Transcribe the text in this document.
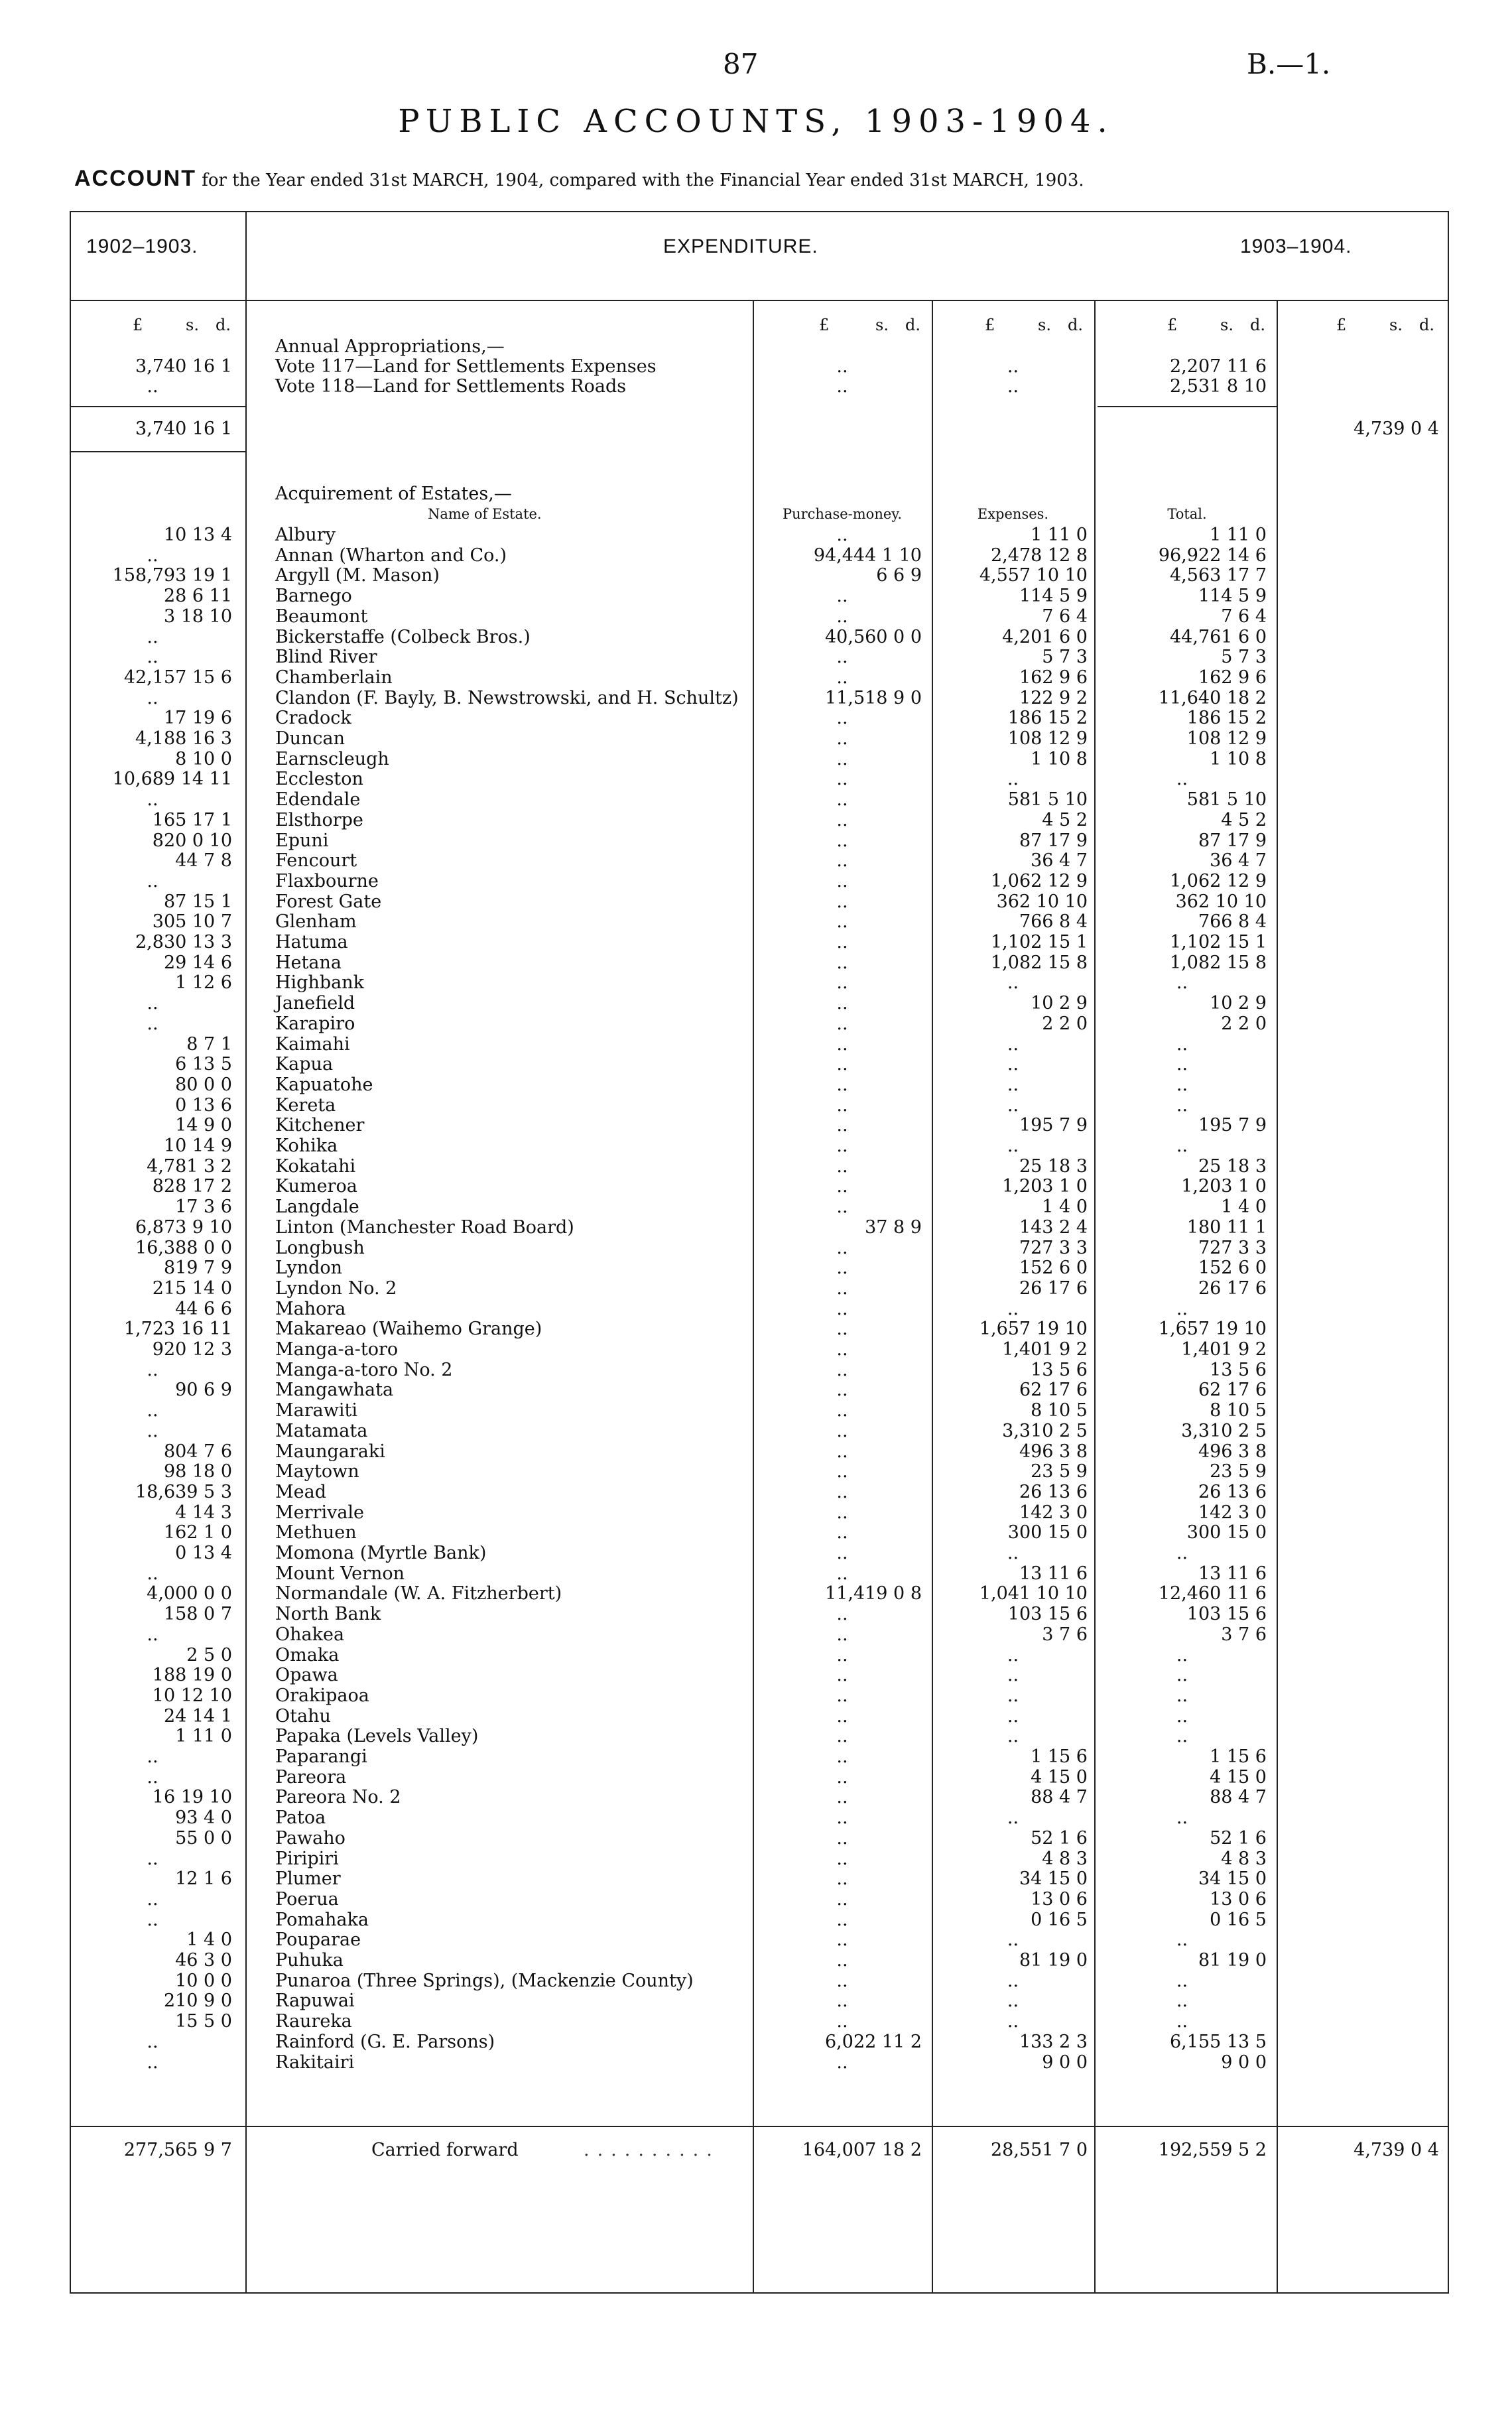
87	B.—1.
PUBLIC ACCOUNTS, 1903-1904.
ACCOUNT for the Year ended 31st MARCH, 1904, compared with the Financial Year ended 31st MARCH, 1903.
1902–1903.	EXPENDITURE.	1903–1904.
£	s. d.	£	s. d.	£	s. d.	£	s. d.	£	s. d.
Annual Appropriations,—
3,740 16 1 Vote 117—Land for Settlements Expenses	..	..	2,207 11 6
..	Vote 118—Land for Settlements Roads	..	..	2,531 8 10
3,740 16 1	4,739 0 4
Acquirement of Estates,—
Name of Estate.	Purchase-money.	Expenses.	Total.
10 13 4 Albury	..	1 11 0	1 11 0
..	Annan (Wharton and Co.)	94,444 1 10	2,478 12 8	96,922 14 6
158,793 19 1 Argyll (M. Mason)	6 6 9	4,557 10 10	4,563 17 7
28 6 11 Barnego	..	114 5 9	114 5 9
3 18 10 Beaumont	..	7 6 4	7 6 4
..	Bickerstaffe (Colbeck Bros.)	40,560 0 0	4,201 6 0	44,761 6 0
..	Blind River	..	5 7 3	5 7 3
42,157 15 6 Chamberlain	..	162 9 6	162 9 6
..	Clandon (F. Bayly, B. Newstrowski, and H. Schultz)	11,518 9 0	122 9 2	11,640 18 2
17 19 6 Cradock	..	186 15 2	186 15 2
4,188 16 3 Duncan	..	108 12 9	108 12 9
8 10 0 Earnscleugh	..	1 10 8	1 10 8
10,689 14 11 Eccleston	..	..	..
..	Edendale	..	581 5 10	581 5 10
165 17 1 Elsthorpe	..	4 5 2	4 5 2
820 0 10 Epuni	..	87 17 9	87 17 9
44 7 8 Fencourt	..	36 4 7	36 4 7
..	Flaxbourne	..	1,062 12 9	1,062 12 9
87 15 1 Forest Gate	..	362 10 10	362 10 10
305 10 7 Glenham	..	766 8 4	766 8 4
2,830 13 3 Hatuma	..	1,102 15 1	1,102 15 1
29 14 6 Hetana	..	1,082 15 8	1,082 15 8
1 12 6 Highbank	..	..	..
..	Janefield	..	10 2 9	10 2 9
..	Karapiro	..	2 2 0	2 2 0
8 7 1 Kaimahi	..	..	..
6 13 5 Kapua	..	..	..
80 0 0 Kapuatohe	..	..	..
0 13 6 Kereta	..	..	..
14 9 0 Kitchener	..	195 7 9	195 7 9
10 14 9 Kohika	..	..	..
4,781 3 2 Kokatahi	..	25 18 3	25 18 3
828 17 2 Kumeroa	..	1,203 1 0	1,203 1 0
17 3 6 Langdale	..	1 4 0	1 4 0
6,873 9 10 Linton (Manchester Road Board)	37 8 9	143 2 4	180 11 1
16,388 0 0 Longbush	..	727 3 3	727 3 3
819 7 9 Lyndon	..	152 6 0	152 6 0
215 14 0 Lyndon No. 2	..	26 17 6	26 17 6
44 6 6 Mahora	..	..	..
1,723 16 11 Makareao (Waihemo Grange)	..	1,657 19 10	1,657 19 10
920 12 3 Manga-a-toro	..	1,401 9 2	1,401 9 2
..	Manga-a-toro No. 2	..	13 5 6	13 5 6
90 6 9 Mangawhata	..	62 17 6	62 17 6
..	Marawiti	..	8 10 5	8 10 5
..	Matamata	..	3,310 2 5	3,310 2 5
804 7 6 Maungaraki	..	496 3 8	496 3 8
98 18 0 Maytown	..	23 5 9	23 5 9
18,639 5 3 Mead	..	26 13 6	26 13 6
4 14 3 Merrivale	..	142 3 0	142 3 0
162 1 0 Methuen	..	300 15 0	300 15 0
0 13 4 Momona (Myrtle Bank)	..	..	..
..	Mount Vernon	..	13 11 6	13 11 6
4,000 0 0 Normandale (W. A. Fitzherbert)	11,419 0 8	1,041 10 10	12,460 11 6
158 0 7 North Bank	..	103 15 6	103 15 6
..	Ohakea	..	3 7 6	3 7 6
2 5 0 Omaka	..	..	..
188 19 0 Opawa	..	..	..
10 12 10 Orakipaoa	..	..	..
24 14 1 Otahu	..	..	..
1 11 0 Papaka (Levels Valley)	..	..	..
..	Paparangi	..	1 15 6	1 15 6
..	Pareora	..	4 15 0	4 15 0
16 19 10 Pareora No. 2	..	88 4 7	88 4 7
93 4 0 Patoa	..	..	..
55 0 0 Pawaho	..	52 1 6	52 1 6
..	Piripiri	..	4 8 3	4 8 3
12 1 6 Plumer	..	34 15 0	34 15 0
..	Poerua	..	13 0 6	13 0 6
..	Pomahaka	..	0 16 5	0 16 5
1 4 0 Pouparae	..	..	..
46 3 0 Puhuka	..	81 19 0	81 19 0
10 0 0 Punaroa (Three Springs), (Mackenzie County)	..	..	..
210 9 0 Rapuwai	..	..	..
15 5 0 Raureka	..	..	..
..	Rainford (G. E. Parsons)	6,022 11 2	133 2 3	6,155 13 5
..	Rakitairi	..	9 0 0	9 0 0
277,565 9 7	Carried forward	..........	164,007 18 2	28,551 7 0	192,559 5 2	4,739 0 4
